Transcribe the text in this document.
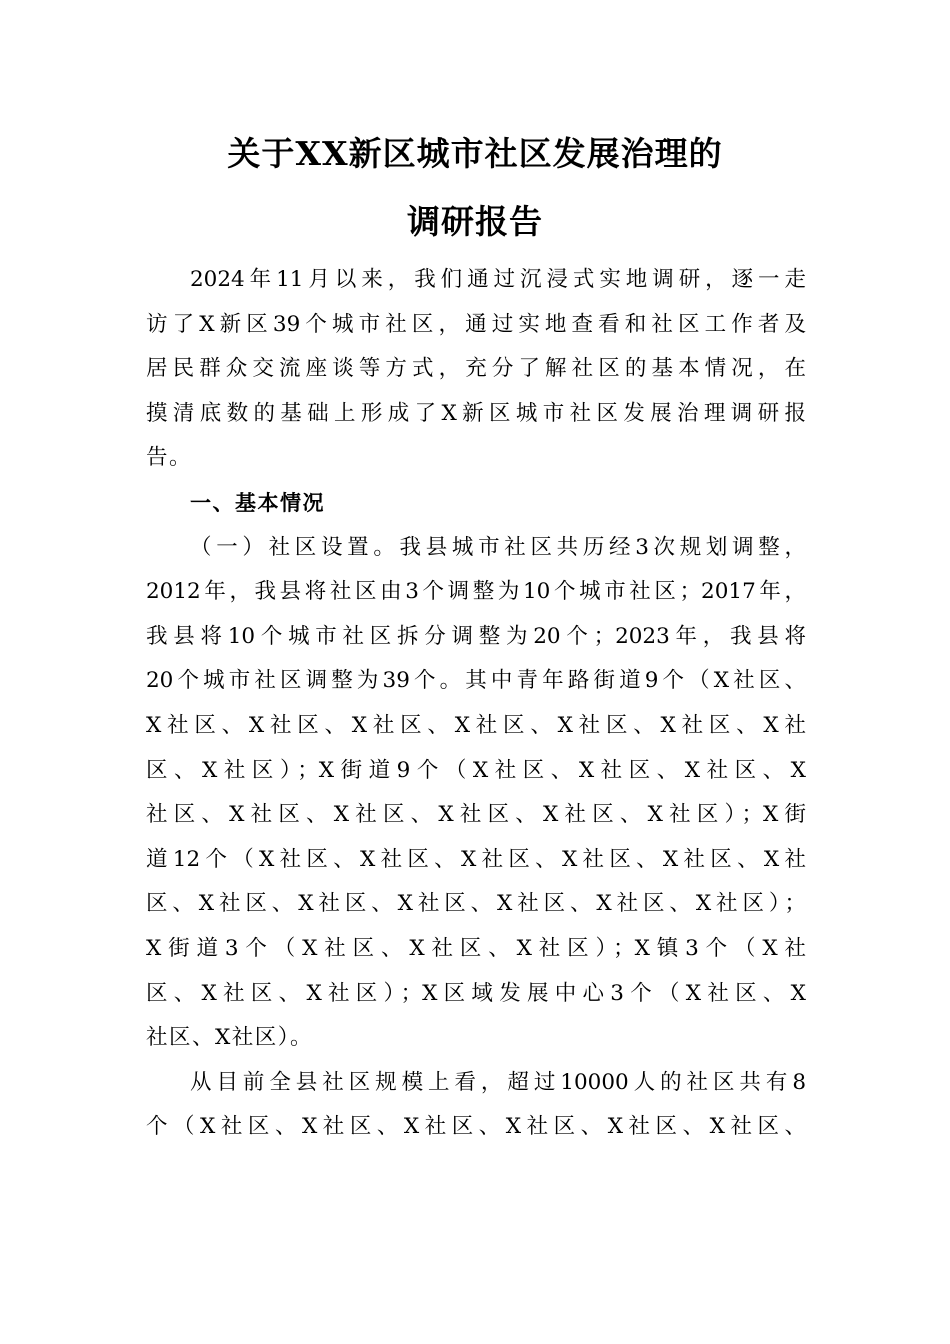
关于XX新区城市社区发展治理的
调研报告
2024年11月以来，我们通过沉浸式实地调研，逐一走
访了X新区39个城市社区，通过实地查看和社区工作者及
居民群众交流座谈等方式，充分了解社区的基本情况，在
摸清底数的基础上形成了X新区城市社区发展治理调研报
告。
一、基本情况
（一）社区设置。我县城市社区共历经3次规划调整，
2012年，我县将社区由3个调整为10个城市社区；2017年，
我县将10个城市社区拆分调整为20个；2023年，我县将
20个城市社区调整为39个。其中青年路街道9个（X社区、
X社区、X社区、X社区、X社区、X社区、X社区、X社
区、X社区）；X街道9个（X社区、X社区、X社区、X
社区、X社区、X社区、X社区、X社区、X社区）；X街
道12个（X社区、X社区、X社区、X社区、X社区、X社
区、X社区、X社区、X社区、X社区、X社区、X社区）；
X街道3个（X社区、X社区、X社区）；X镇3个（X社
区、X社区、X社区）；X区域发展中心3个（X社区、X
社区、X社区）。
从目前全县社区规模上看，超过10000人的社区共有8
个（X社区、X社区、X社区、X社区、X社区、X社区、
